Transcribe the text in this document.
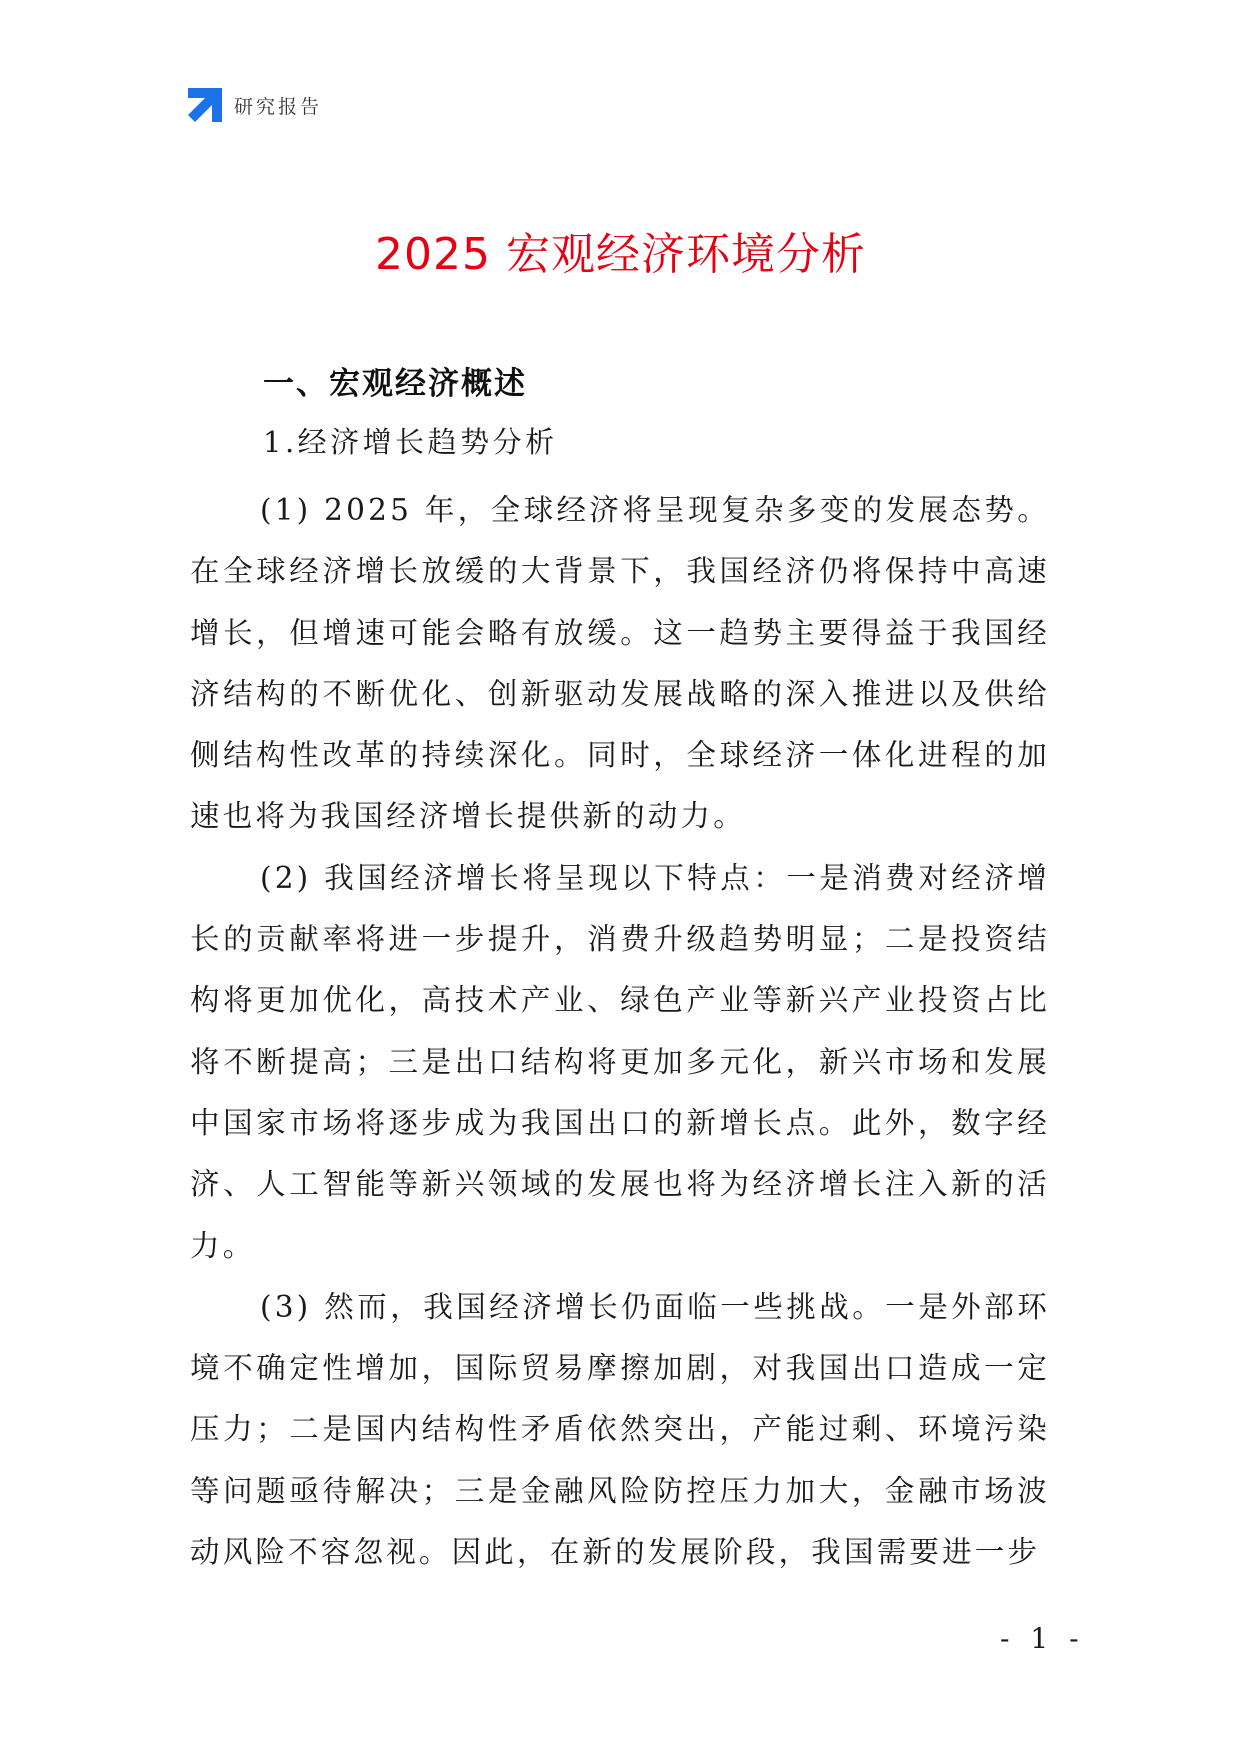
研究报告
2025 宏观经济环境分析
一、宏观经济概述
1.经济增长趋势分析

(1) 2025 年，全球经济将呈现复杂多变的发展态势。在全球经济增长放缓的大背景下，我国经济仍将保持中高速增长，但增速可能会略有放缓。这一趋势主要得益于我国经济结构的不断优化、创新驱动发展战略的深入推进以及供给侧结构性改革的持续深化。同时，全球经济一体化进程的加速也将为我国经济增长提供新的动力。

(2) 我国经济增长将呈现以下特点：一是消费对经济增长的贡献率将进一步提升，消费升级趋势明显；二是投资结构将更加优化，高技术产业、绿色产业等新兴产业投资占比将不断提高；三是出口结构将更加多元化，新兴市场和发展中国家市场将逐步成为我国出口的新增长点。此外，数字经济、人工智能等新兴领域的发展也将为经济增长注入新的活力。

(3) 然而，我国经济增长仍面临一些挑战。一是外部环境不确定性增加，国际贸易摩擦加剧，对我国出口造成一定压力；二是国内结构性矛盾依然突出，产能过剩、环境污染等问题亟待解决；三是金融风险防控压力加大，金融市场波动风险不容忽视。因此，在新的发展阶段，我国需要进一步

- 1 -
